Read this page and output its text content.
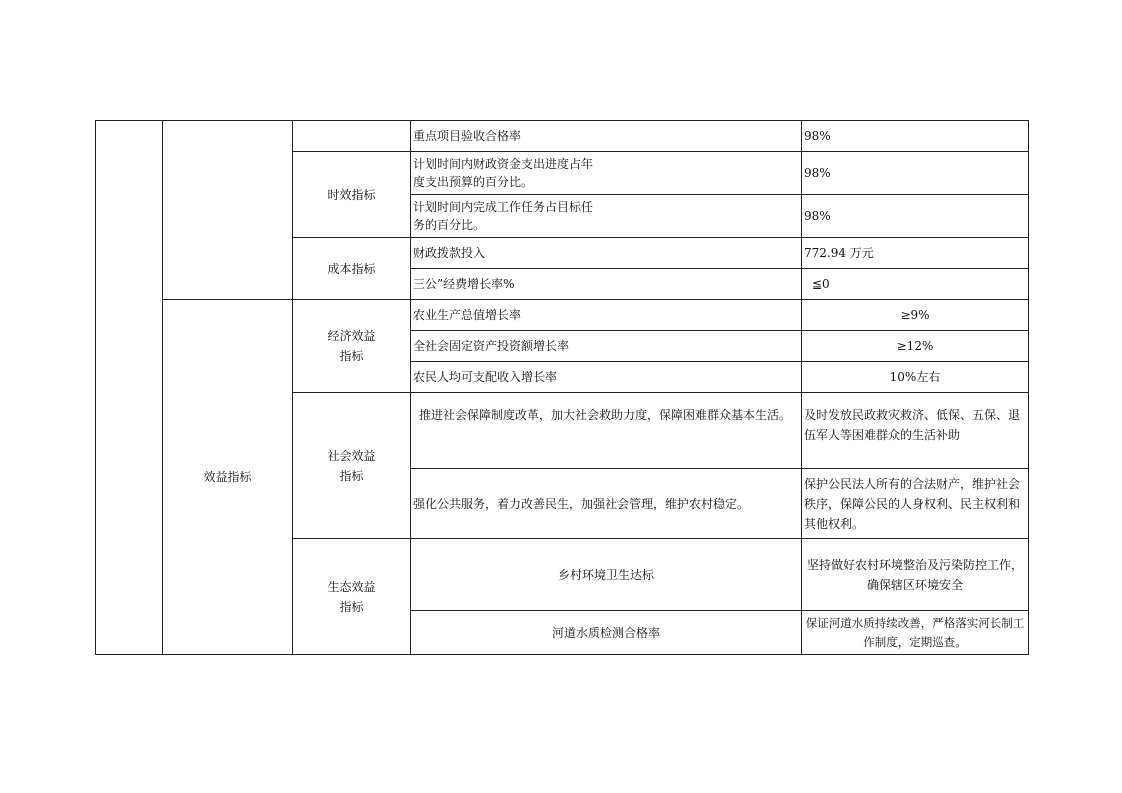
			重点项目验收合格率	98%
		时效指标	计划时间内财政资金支出进度占年
度支出预算的百分比。	98%
			计划时间内完成工作任务占目标任
务的百分比。	98%
		成本指标	财政拨款投入	772.94 万元
			三公”经费增长率%	≦0
	效益指标	经济效益
指标	农业生产总值增长率	≥9%
			全社会固定资产投资额增长率	≥12%
			农民人均可支配收入增长率	10%左右
		社会效益
指标	推进社会保障制度改革，加大社会救助力度，保障困难群众基本生活。	及时发放民政救灾救济、低保、五保、退伍军人等困难群众的生活补助
			强化公共服务，着力改善民生，加强社会管理，维护农村稳定。	保护公民法人所有的合法财产，维护社会秩序，保障公民的人身权利、民主权利和其他权利。
		生态效益
指标	乡村环境卫生达标	坚持做好农村环境整治及污染防控工作，确保辖区环境安全
			河道水质检测合格率	保证河道水质持续改善，严格落实河长制工作制度，定期巡查。
